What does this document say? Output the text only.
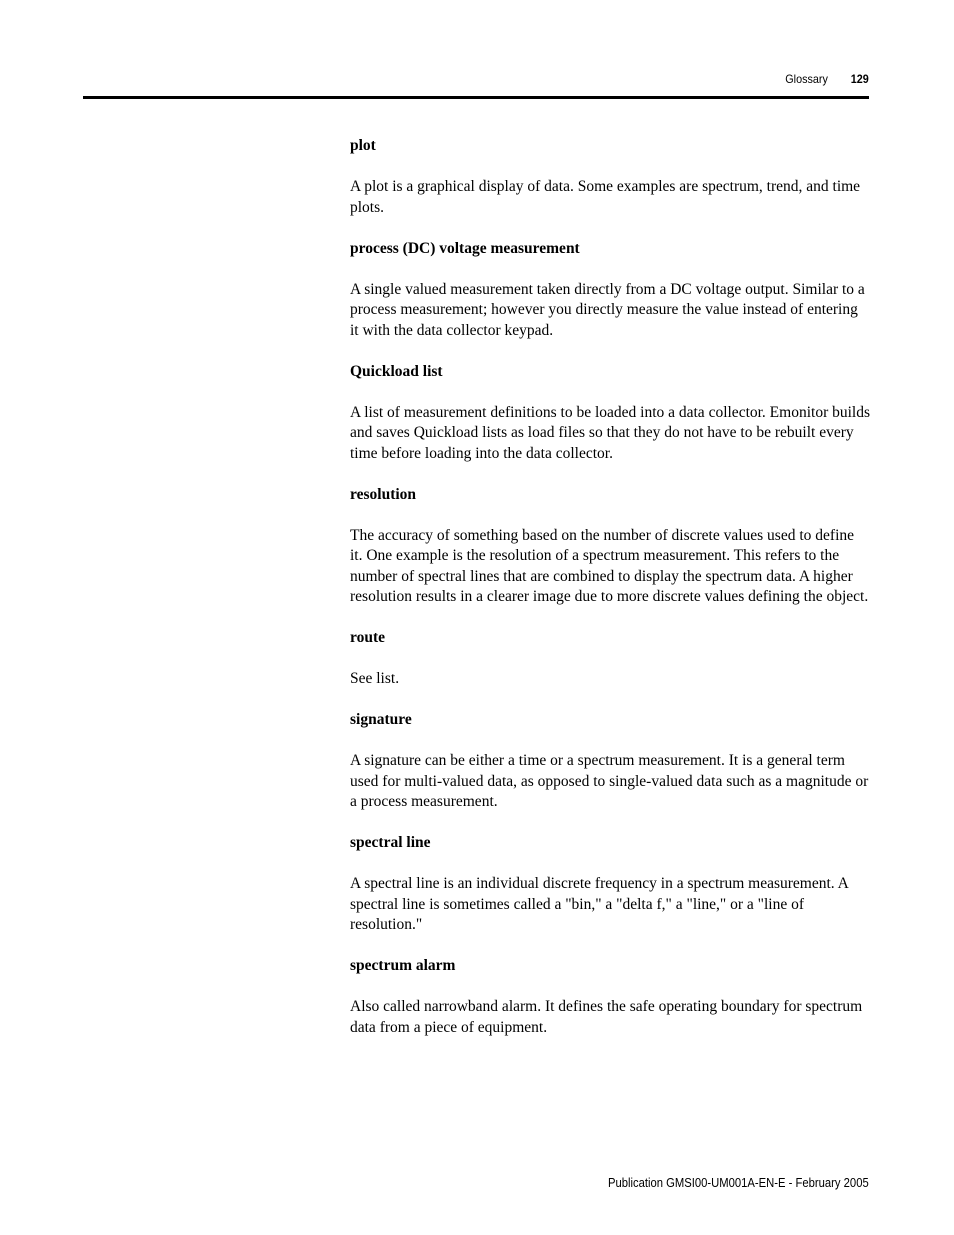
Glossary 129

plot

A plot is a graphical display of data. Some examples are spectrum, trend, and time plots.

process (DC) voltage measurement

A single valued measurement taken directly from a DC voltage output. Similar to a process measurement; however you directly measure the value instead of entering it with the data collector keypad.

Quickload list

A list of measurement definitions to be loaded into a data collector. Emonitor builds and saves Quickload lists as load files so that they do not have to be rebuilt every time before loading into the data collector.

resolution

The accuracy of something based on the number of discrete values used to define it. One example is the resolution of a spectrum measurement. This refers to the number of spectral lines that are combined to display the spectrum data. A higher resolution results in a clearer image due to more discrete values defining the object.

route

See list.

signature

A signature can be either a time or a spectrum measurement. It is a general term used for multi-valued data, as opposed to single-valued data such as a magnitude or a process measurement.

spectral line

A spectral line is an individual discrete frequency in a spectrum measurement. A spectral line is sometimes called a "bin," a "delta f," a "line," or a "line of resolution."

spectrum alarm

Also called narrowband alarm. It defines the safe operating boundary for spectrum data from a piece of equipment.

Publication GMSI00-UM001A-EN-E - February 2005
